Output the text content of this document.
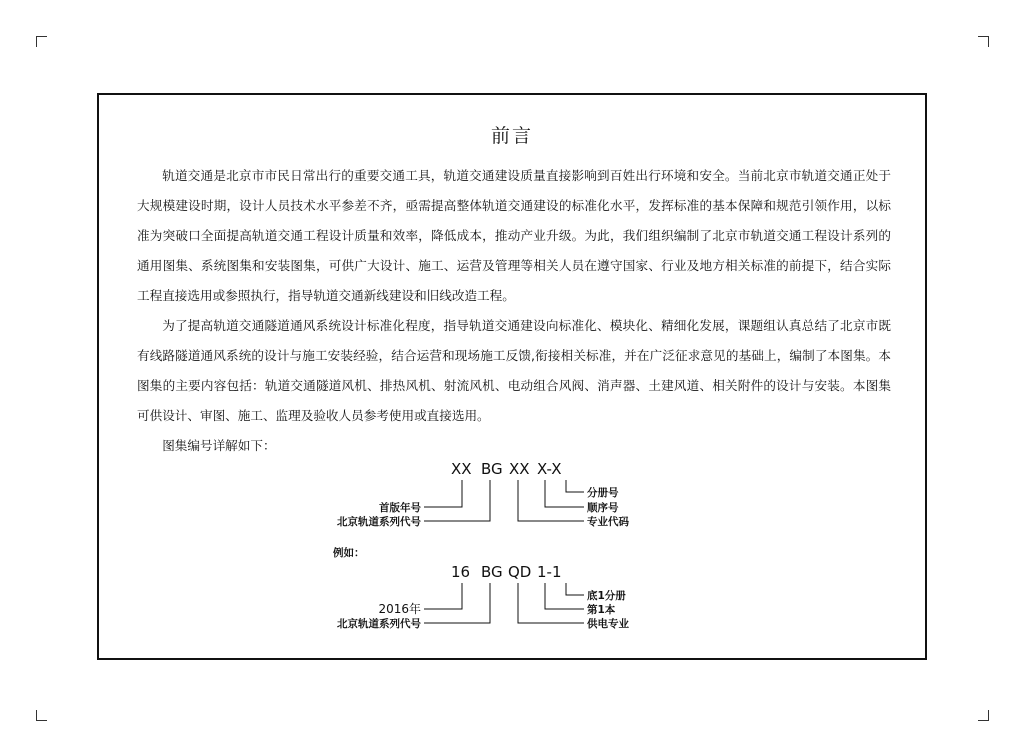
前言

轨道交通是北京市市民日常出行的重要交通工具，轨道交通建设质量直接影响到百姓出行环境和安全。当前北京市轨道交通正处于大规模建设时期，设计人员技术水平参差不齐，亟需提高整体轨道交通建设的标准化水平，发挥标准的基本保障和规范引领作用，以标准为突破口全面提高轨道交通工程设计质量和效率，降低成本，推动产业升级。为此，我们组织编制了北京市轨道交通工程设计系列的通用图集、系统图集和安装图集，可供广大设计、施工、运营及管理等相关人员在遵守国家、行业及地方相关标准的前提下，结合实际工程直接选用或参照执行，指导轨道交通新线建设和旧线改造工程。

为了提高轨道交通隧道通风系统设计标准化程度，指导轨道交通建设向标准化、模块化、精细化发展，课题组认真总结了北京市既有线路隧道通风系统的设计与施工安装经验，结合运营和现场施工反馈,衔接相关标准，并在广泛征求意见的基础上，编制了本图集。本图集的主要内容包括：轨道交通隧道风机、排热风机、射流风机、电动组合风阀、消声器、土建风道、相关附件的设计与安装。本图集可供设计、审图、施工、监理及验收人员参考使用或直接选用。

图集编号详解如下：

XX BG XX X-X
分册号
顺序号
专业代码
首版年号
北京轨道系列代号
例如：
16 BG QD 1-1
底1分册
第1本
供电专业
2016年
北京轨道系列代号
